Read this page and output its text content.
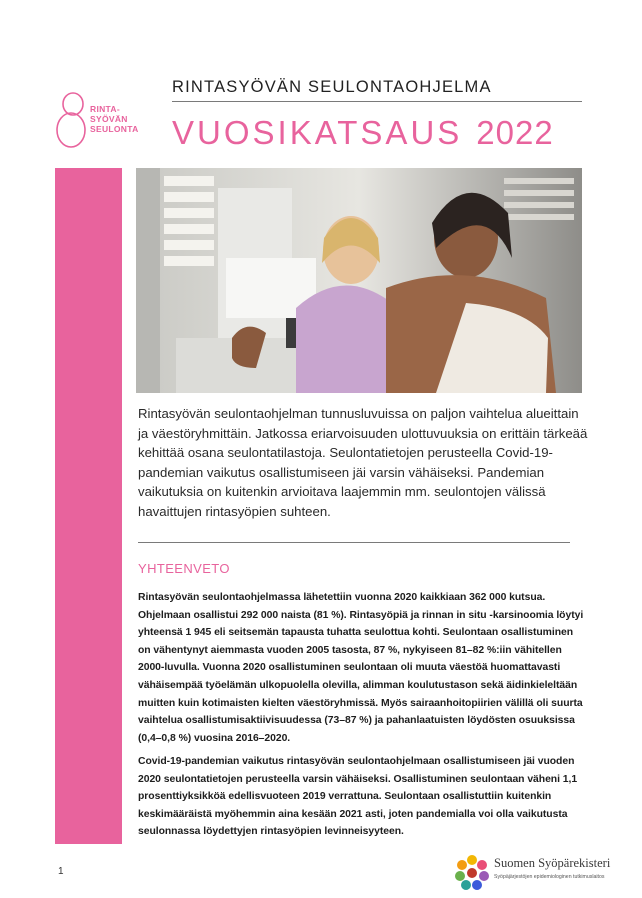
RINTA-
SYÖVÄN
SEULONTA
RINTASYÖVÄN SEULONTAOHJELMA
VUOSIKATSAUS 2022

Rintasyövän seulontaohjelman tunnusluvuissa on paljon vaihtelua alueittain ja väestöryhmittäin. Jatkossa eriarvoisuuden ulottuvuuksia on erittäin tärkeää kehittää osana seulontatilastoja. Seulontatietojen perusteella Covid-19-pandemian vaikutus osallistumiseen jäi varsin vähäiseksi. Pandemian vaikutuksia on kuitenkin arvioitava laajemmin mm. seulontojen välissä havaittujen rintasyöpien suhteen.

YHTEENVETO

Rintasyövän seulontaohjelmassa lähetettiin vuonna 2020 kaikkiaan 362 000 kutsua. Ohjelmaan osallistui 292 000 naista (81 %). Rintasyöpiä ja rinnan in situ -karsinoomia löytyi yhteensä 1 945 eli seitsemän tapausta tuhatta seulottua kohti. Seulontaan osallistuminen on vähentynyt aiemmasta vuoden 2005 tasosta, 87 %, nykyiseen 81–82 %:iin vähitellen 2000-luvulla. Vuonna 2020 osallistuminen seulontaan oli muuta väestöä huomattavasti vähäisempää työelämän ulkopuolella olevilla, alimman koulutustason sekä äidinkieleltään muitten kuin kotimaisten kielten väestöryhmissä. Myös sairaanhoitopiirien välillä oli suurta vaihtelua osallistumisaktiivisuudessa (73–87 %) ja pahanlaatuisten löydösten osuuksissa (0,4–0,8 %) vuosina 2016–2020.

Covid-19-pandemian vaikutus rintasyövän seulontaohjelmaan osallistumiseen jäi vuoden 2020 seulontatietojen perusteella varsin vähäiseksi. Osallistuminen seulontaan väheni 1,1 prosenttiyksikköä edellisvuoteen 2019 verrattuna. Seulontaan osallistuttiin kuitenkin keskimääräistä myöhemmin aina kesään 2021 asti, joten pandemialla voi olla vaikutusta seulonnassa löydettyjen rintasyöpien levinneisyyteen.

1
Suomen Syöpärekisteri
Syöpäjärjestöjen epidemiologinen tutkimuslaitos
